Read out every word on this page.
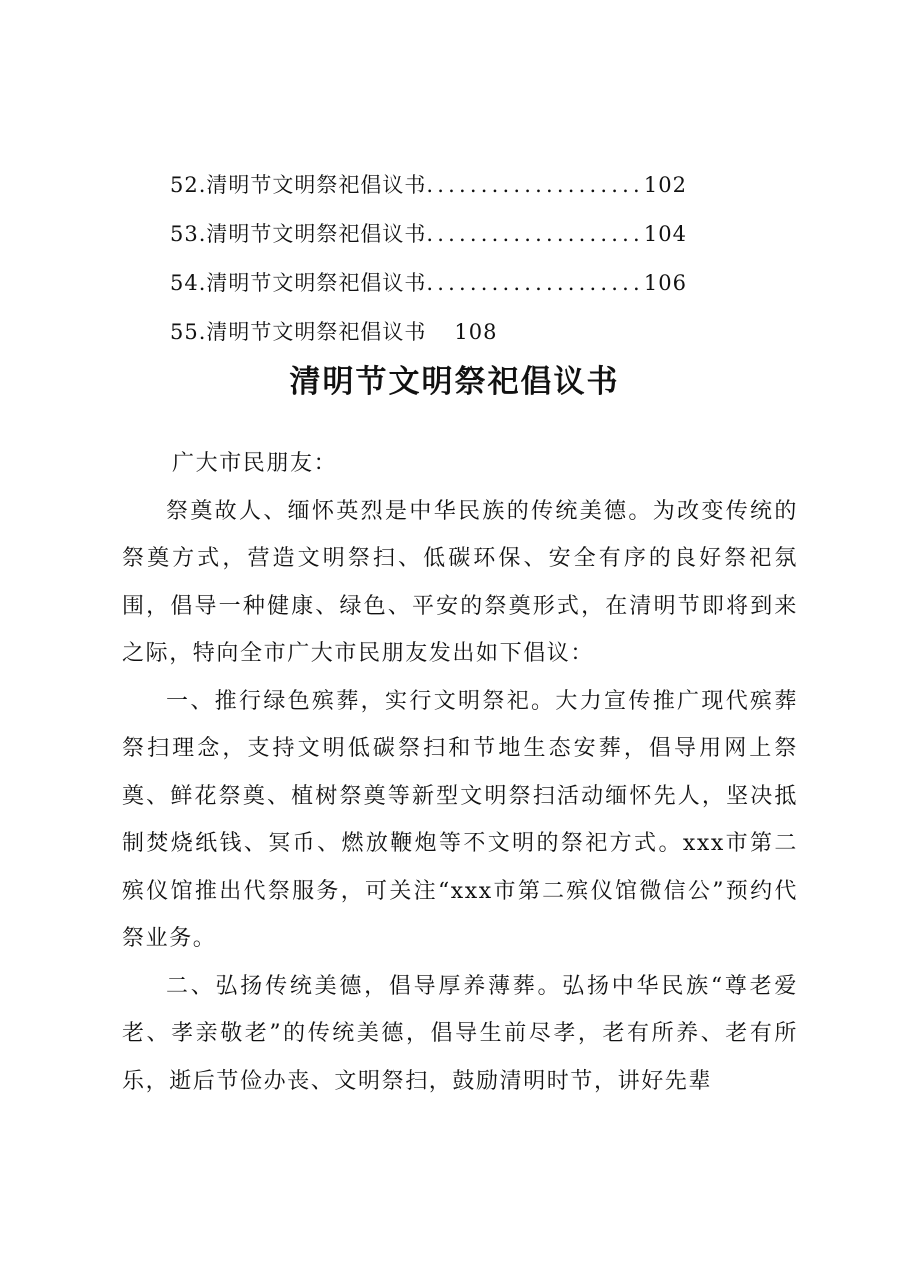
52.清明节文明祭祀倡议书 .................... 102
53.清明节文明祭祀倡议书 .................... 104
54.清明节文明祭祀倡议书 .................... 106
55.清明节文明祭祀倡议书 108
清明节文明祭祀倡议书
广大市民朋友：

祭奠故人、缅怀英烈是中华民族的传统美德。为改变传统的祭奠方式，营造文明祭扫、低碳环保、安全有序的良好祭祀氛围，倡导一种健康、绿色、平安的祭奠形式，在清明节即将到来之际，特向全市广大市民朋友发出如下倡议：

一、推行绿色殡葬，实行文明祭祀。大力宣传推广现代殡葬祭扫理念，支持文明低碳祭扫和节地生态安葬，倡导用网上祭奠、鲜花祭奠、植树祭奠等新型文明祭扫活动缅怀先人，坚决抵制焚烧纸钱、冥币、燃放鞭炮等不文明的祭祀方式。xxx市第二殡仪馆推出代祭服务，可关注“xxx市第二殡仪馆微信公”预约代祭业务。

二、弘扬传统美德，倡导厚养薄葬。弘扬中华民族“尊老爱老、孝亲敬老”的传统美德，倡导生前尽孝，老有所养、老有所乐，逝后节俭办丧、文明祭扫，鼓励清明时节，讲好先辈
